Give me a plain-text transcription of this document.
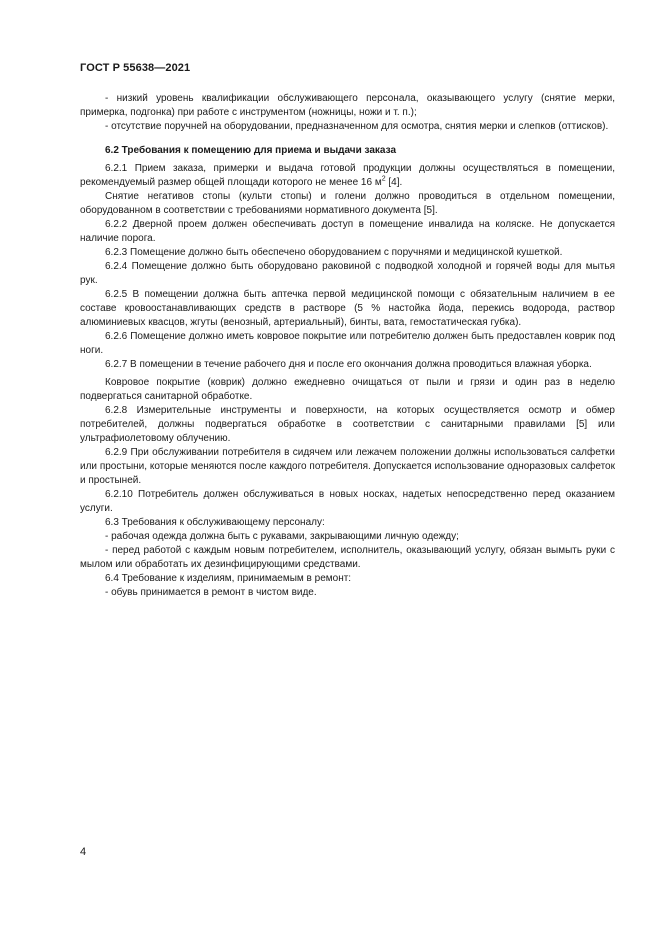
ГОСТ Р 55638—2021

- низкий уровень квалификации обслуживающего персонала, оказывающего услугу (снятие мерки, примерка, подгонка) при работе с инструментом (ножницы, ножи и т. п.);

- отсутствие поручней на оборудовании, предназначенном для осмотра, снятия мерки и слепков (оттисков).

6.2 Требования к помещению для приема и выдачи заказа

6.2.1 Прием заказа, примерки и выдача готовой продукции должны осуществляться в помещении, рекомендуемый размер общей площади которого не менее 16 $м^2$ [4].

Снятие негативов стопы (культи стопы) и голени должно проводиться в отдельном помещении, оборудованном в соответствии с требованиями нормативного документа [5].

6.2.2 Дверной проем должен обеспечивать доступ в помещение инвалида на коляске. Не допускается наличие порога.

6.2.3 Помещение должно быть обеспечено оборудованием с поручнями и медицинской кушеткой.

6.2.4 Помещение должно быть оборудовано раковиной с подводкой холодной и горячей воды для мытья рук.

6.2.5 В помещении должна быть аптечка первой медицинской помощи с обязательным наличием в ее составе кровоостанавливающих средств в растворе (5 % настойка йода, перекись водорода, раствор алюминиевых квасцов, жгуты (венозный, артериальный), бинты, вата, гемостатическая губка).

6.2.6 Помещение должно иметь ковровое покрытие или потребителю должен быть предоставлен коврик под ноги.

6.2.7 В помещении в течение рабочего дня и после его окончания должна проводиться влажная уборка.

Ковровое покрытие (коврик) должно ежедневно очищаться от пыли и грязи и один раз в неделю подвергаться санитарной обработке.

6.2.8 Измерительные инструменты и поверхности, на которых осуществляется осмотр и обмер потребителей, должны подвергаться обработке в соответствии с санитарными правилами [5] или ультрафиолетовому облучению.

6.2.9 При обслуживании потребителя в сидячем или лежачем положении должны использоваться салфетки или простыни, которые меняются после каждого потребителя. Допускается использование одноразовых салфеток и простыней.

6.2.10 Потребитель должен обслуживаться в новых носках, надетых непосредственно перед оказанием услуги.

6.3 Требования к обслуживающему персоналу:

- рабочая одежда должна быть с рукавами, закрывающими личную одежду;

- перед работой с каждым новым потребителем, исполнитель, оказывающий услугу, обязан вымыть руки с мылом или обработать их дезинфицирующими средствами.

6.4 Требование к изделиям, принимаемым в ремонт:

- обувь принимается в ремонт в чистом виде.

4
